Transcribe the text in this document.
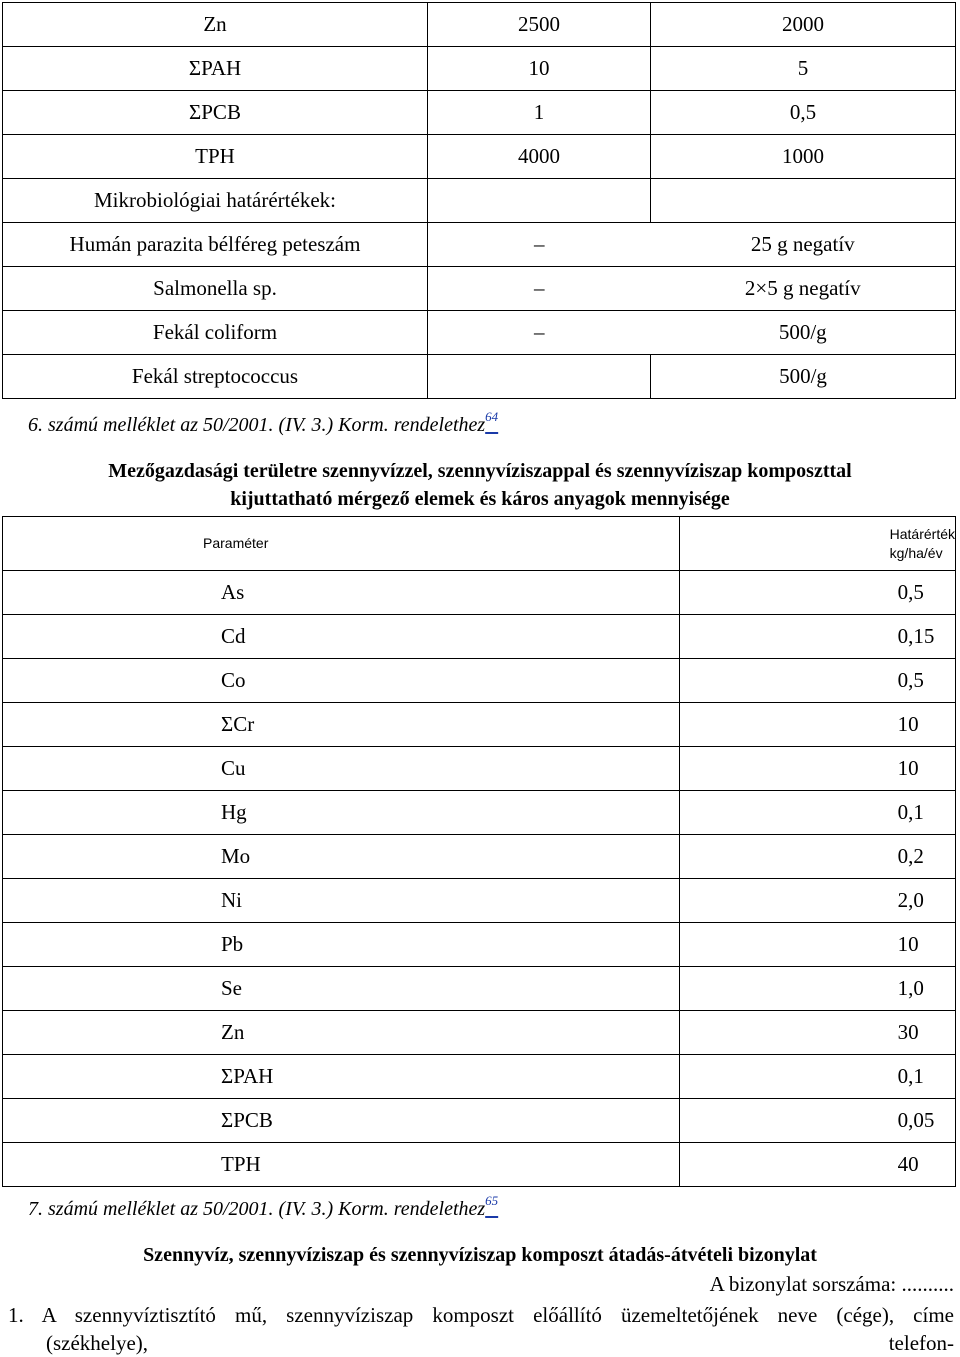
Zn	2500	2000
ΣPAH	10	5
ΣPCB	1	0,5
TPH	4000	1000
Mikrobiológiai határértékek:		
Humán parazita bélféreg peteszám	–	25 g negatív
Salmonella sp.	–	2×5 g negatív
Fekál coliform	–	500/g
Fekál streptococcus		500/g
6. számú melléklet az 50/2001. (IV. 3.) Korm. rendelethez$^{64}$
Mezőgazdasági területre szennyvízzel, szennyvíziszappal és szennyvíziszap komposzttal
kijuttatható mérgező elemek és káros anyagok mennyisége
Paraméter	Határérték
kg/ha/év

As	0,5
Cd	0,15
Co	0,5
ΣCr	10
Cu	10
Hg	0,1
Mo	0,2
Ni	2,0
Pb	10
Se	1,0
Zn	30
ΣPAH	0,1
ΣPCB	0,05
TPH	40
7. számú melléklet az 50/2001. (IV. 3.) Korm. rendelethez$^{65}$
Szennyvíz, szennyvíziszap és szennyvíziszap komposzt átadás-átvételi bizonylat
A bizonylat sorszáma: ..........
1. A szennyvíztisztító mű, szennyvíziszap komposzt előállító üzemeltetőjének neve (cége), címe
(székhelye),	telefon-
